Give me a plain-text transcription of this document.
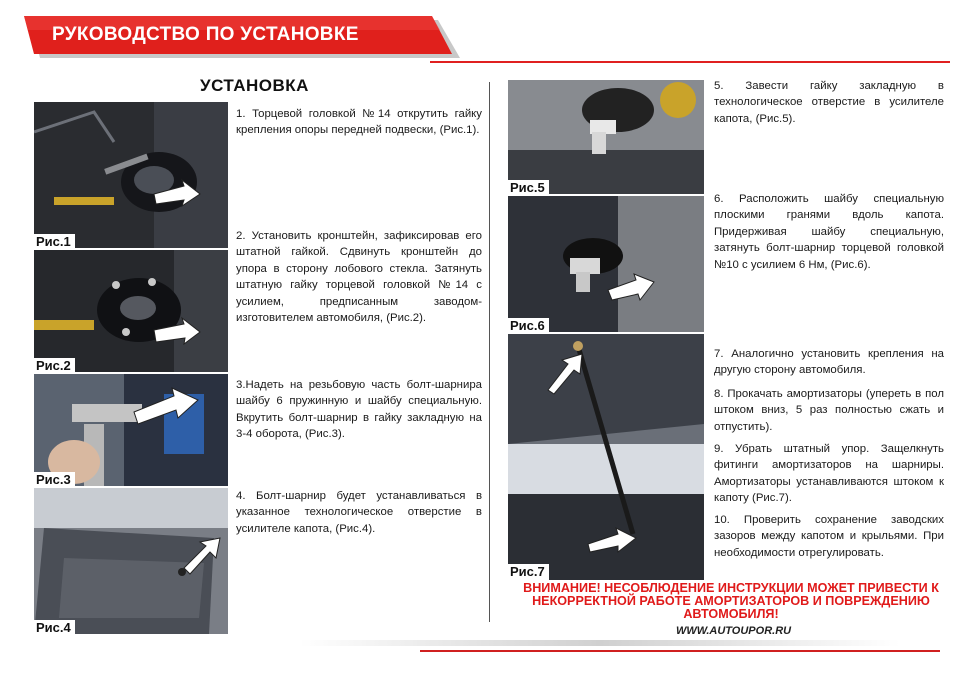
РУКОВОДСТВО ПО УСТАНОВКЕ
УСТАНОВКА
Рис.1
Рис.2
Рис.3
Рис.4
1. Торцевой головкой №14 открутить гайку крепления опоры передней подвески, (Рис.1).
2. Установить кронштейн, зафиксировав его штатной гайкой. Сдвинуть кронштейн до упора в сторону лобового стекла. Затянуть штатную гайку торцевой головкой №14 с усилием, предписанным заводом-изготовителем автомобиля, (Рис.2).
3.Надеть на резьбовую часть болт-шарнира шайбу 6 пружинную и шайбу специальную. Вкрутить болт-шарнир в гайку закладную на 3-4 оборота, (Рис.3).
4. Болт-шарнир будет устанавливаться в указанное технологическое отверстие в усилителе капота, (Рис.4).
Рис.5
Рис.6
Рис.7
5. Завести гайку закладную в технологическое отверстие в усилителе капота, (Рис.5).
6. Расположить шайбу специальную плоскими гранями вдоль капота. Придерживая шайбу специальную, затянуть болт-шарнир торцевой головкой №10 с усилием 6 Нм, (Рис.6).
7. Аналогично установить крепления на другую сторону автомобиля.
8. Прокачать амортизаторы (упереть в пол штоком вниз, 5 раз полностью сжать и отпустить).
9. Убрать штатный упор. Защелкнуть фитинги амортизаторов на шарниры. Амортизаторы устанавливаются штоком к капоту (Рис.7).
10. Проверить сохранение заводских зазоров между капотом и крыльями. При необходимости отрегулировать.
ВНИМАНИЕ! НЕСОБЛЮДЕНИЕ ИНСТРУКЦИИ МОЖЕТ ПРИВЕСТИ К НЕКОРРЕКТНОЙ РАБОТЕ АМОРТИЗАТОРОВ И ПОВРЕЖДЕНИЮ АВТОМОБИЛЯ!
WWW.AUTOUPOR.RU
